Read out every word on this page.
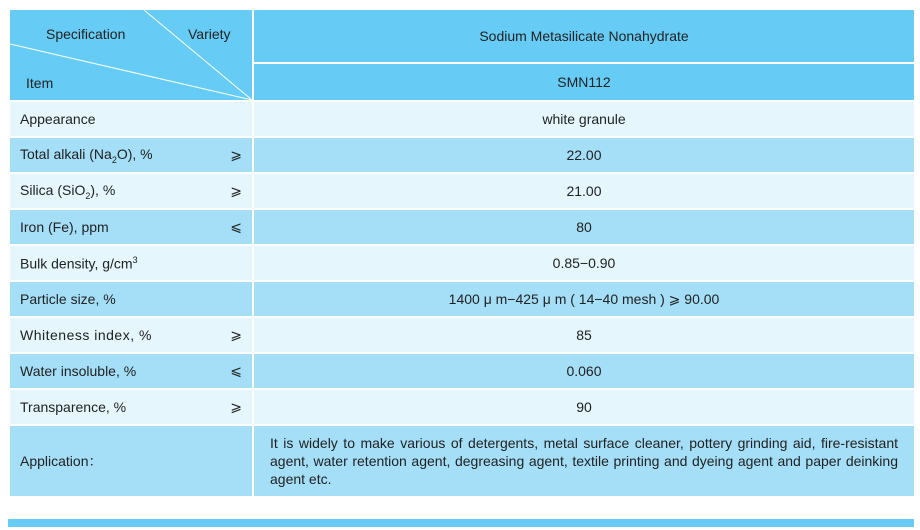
Specification Variety
Item	Sodium Metasilicate Nonahydrate
	SMN112
Appearance	white granule
Total alkali $(Na_2O)$, % ⩾	22.00
Silica (SiO$_2$), % ⩾	21.00
Iron (Fe), ppm ⩽	80
Bulk density, $g/cm^3$	0.85−0.90
Particle size, %	1400 μ m−425 μ m ( 14−40 mesh ) ⩾ 90.00
Whiteness index, % ⩾	85
Water insoluble, % ⩽	0.060
Transparence, % ⩾	90
Application：	It is widely to make various of detergents, metal surface cleaner, pottery grinding aid, fire-resistant agent, water retention agent, degreasing agent, textile printing and dyeing agent and paper deinking agent etc.
